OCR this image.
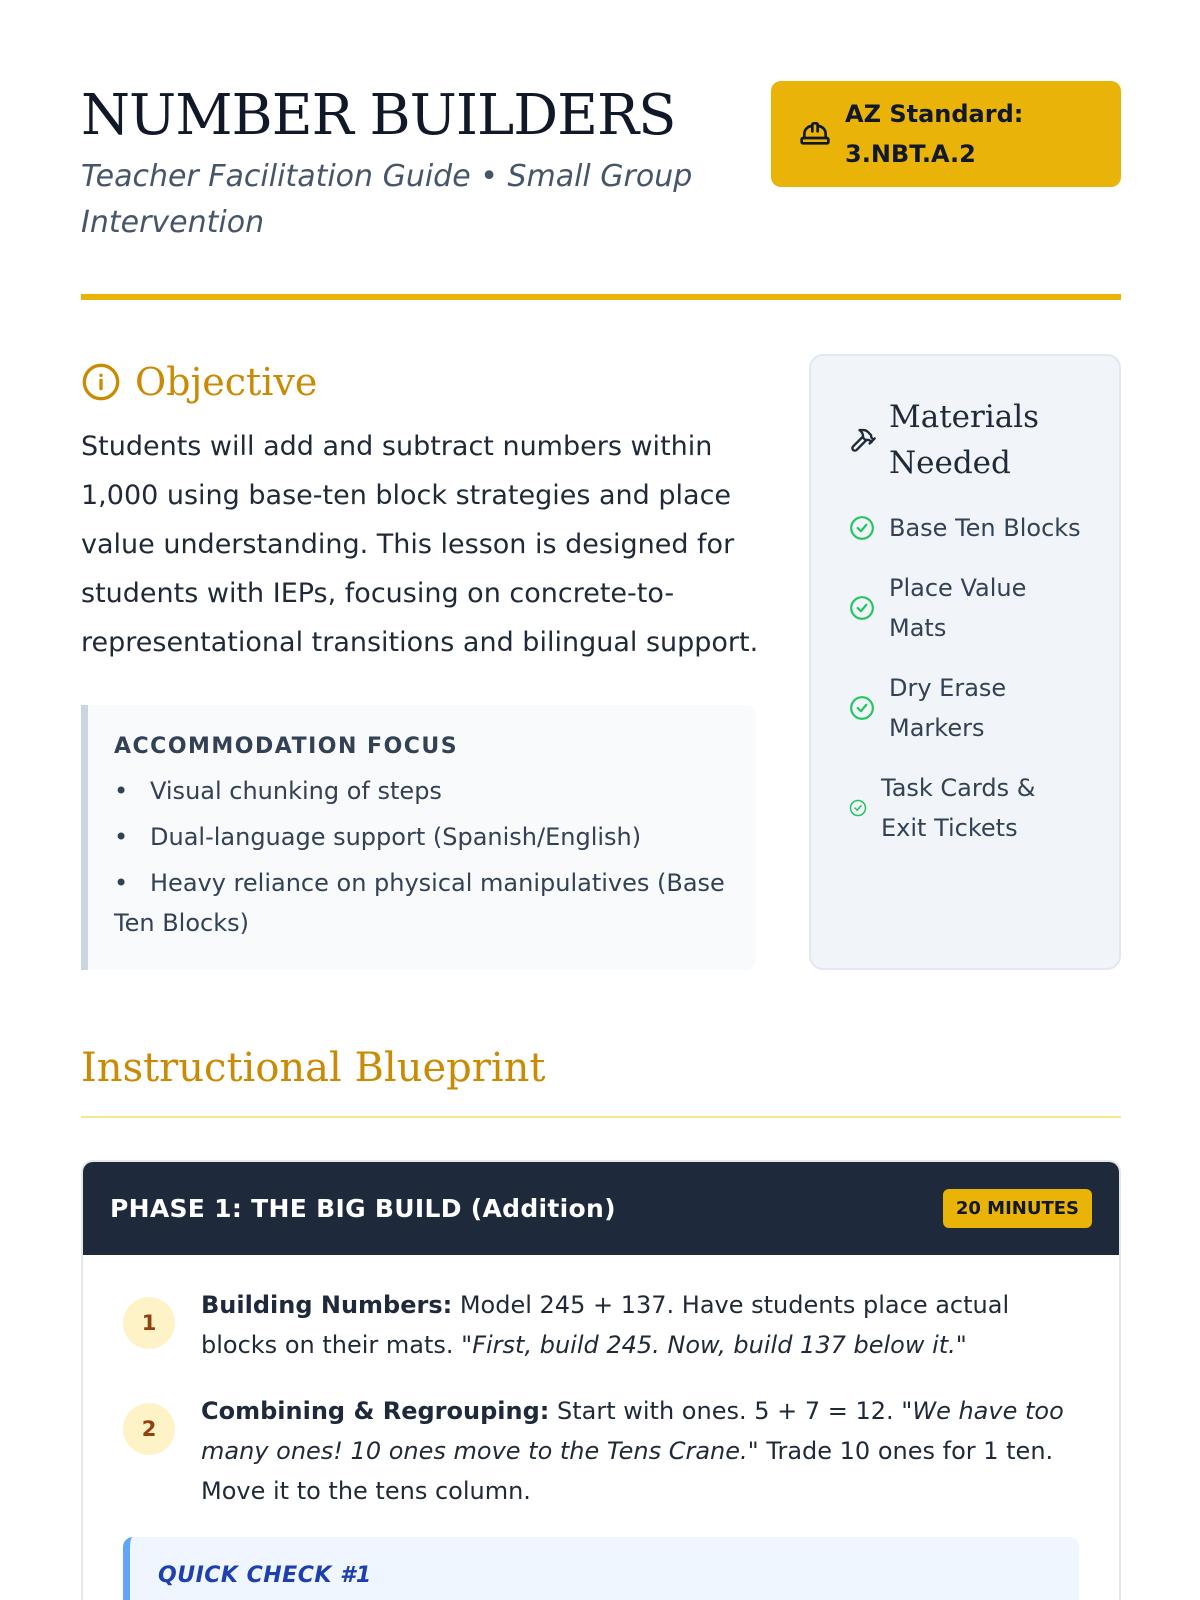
NUMBER BUILDERS

Teacher Facilitation Guide • Small Group Intervention

AZ Standard: 3.NBT.A.2
Objective

Students will add and subtract numbers within 1,000 using base-ten block strategies and place value understanding. This lesson is designed for students with IEPs, focusing on concrete-to-representational transitions and bilingual support.

ACCOMMODATION FOCUS
• Visual chunking of steps
• Dual-language support (Spanish/English)
• Heavy reliance on physical manipulatives (Base Ten Blocks)
Materials Needed
Base Ten Blocks
Place Value Mats
Dry Erase Markers
Task Cards & Exit Tickets
Instructional Blueprint
PHASE 1: THE BIG BUILD (Addition)	20 MINUTES
1

Building Numbers: Model 245 + 137. Have students place actual blocks on their mats. "First, build 245. Now, build 137 below it."

2

Combining & Regrouping: Start with ones. 5 + 7 = 12. "We have too many ones! 10 ones move to the Tens Crane." Trade 10 ones for 1 ten. Move it to the tens column.

QUICK CHECK #1
